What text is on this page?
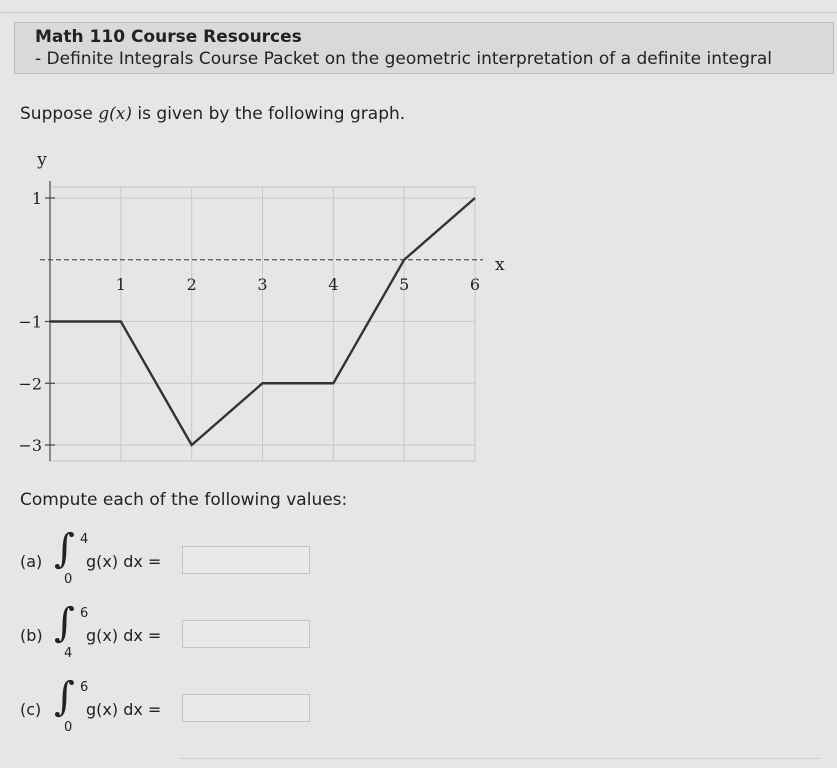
Math 110 Course Resources
- Definite Integrals Course Packet on the geometric interpretation of a definite integral
Suppose g(x) is given by the following graph.
1	2	3	4	5	6
1
−1
−2
−3
x
y
Compute each of the following values:
(a) ∫ 4
0
g(x) dx =
(b) ∫ 6
4
g(x) dx =
(c) ∫ 6
0
g(x) dx =
